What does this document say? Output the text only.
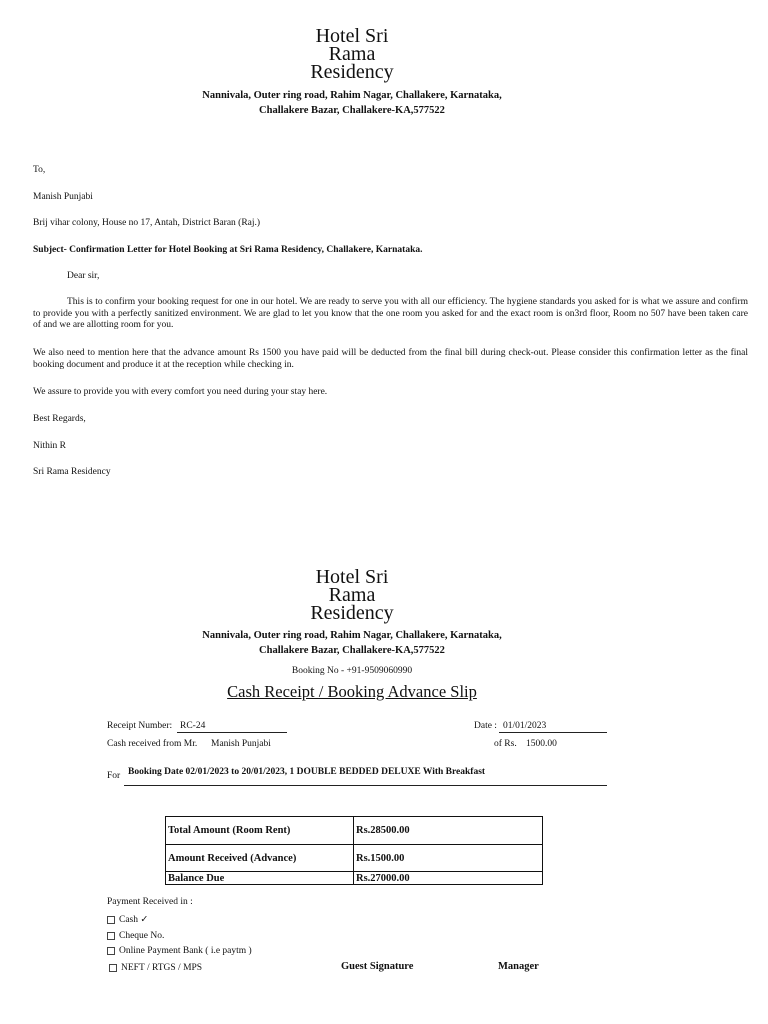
Hotel Sri
Rama
Residency
Nannivala, Outer ring road, Rahim Nagar, Challakere, Karnataka,
Challakere Bazar, Challakere-KA,577522
To,
Manish Punjabi
Brij vihar colony, House no 17, Antah, District Baran (Raj.)
Subject- Confirmation Letter for Hotel Booking at Sri Rama Residency, Challakere, Karnataka.
Dear sir,
This is to confirm your booking request for one in our hotel. We are ready to serve you with all our efficiency. The hygiene standards you asked for is what we assure and confirm to provide you with a perfectly sanitized environment. We are glad to let you know that the one room you asked for and the exact room is on3rd floor, Room no 507 have been taken care of and we are allotting room for you.
We also need to mention here that the advance amount Rs 1500 you have paid will be deducted from the final bill during check-out. Please consider this confirmation letter as the final booking document and produce it at the reception while checking in.
We assure to provide you with every comfort you need during your stay here.
Best Regards,
Nithin R
Sri Rama Residency
Hotel Sri
Rama
Residency
Nannivala, Outer ring road, Rahim Nagar, Challakere, Karnataka,
Challakere Bazar, Challakere-KA,577522
Booking No - +91-9509060990
Cash Receipt / Booking Advance Slip
Receipt Number: RC-24	Date : 01/01/2023
Cash received from Mr. Manish Punjabi	of Rs. 1500.00
For Booking Date 02/01/2023 to 20/01/2023, 1 DOUBLE BEDDED DELUXE With Breakfast
Total Amount (Room Rent)	Rs.28500.00
Amount Received (Advance)	Rs.1500.00
Balance Due	Rs.27000.00
Payment Received in :
Cash ✓
Cheque No.
Online Payment Bank ( i.e paytm )
NEFT / RTGS / MPS	Guest Signature	Manager
